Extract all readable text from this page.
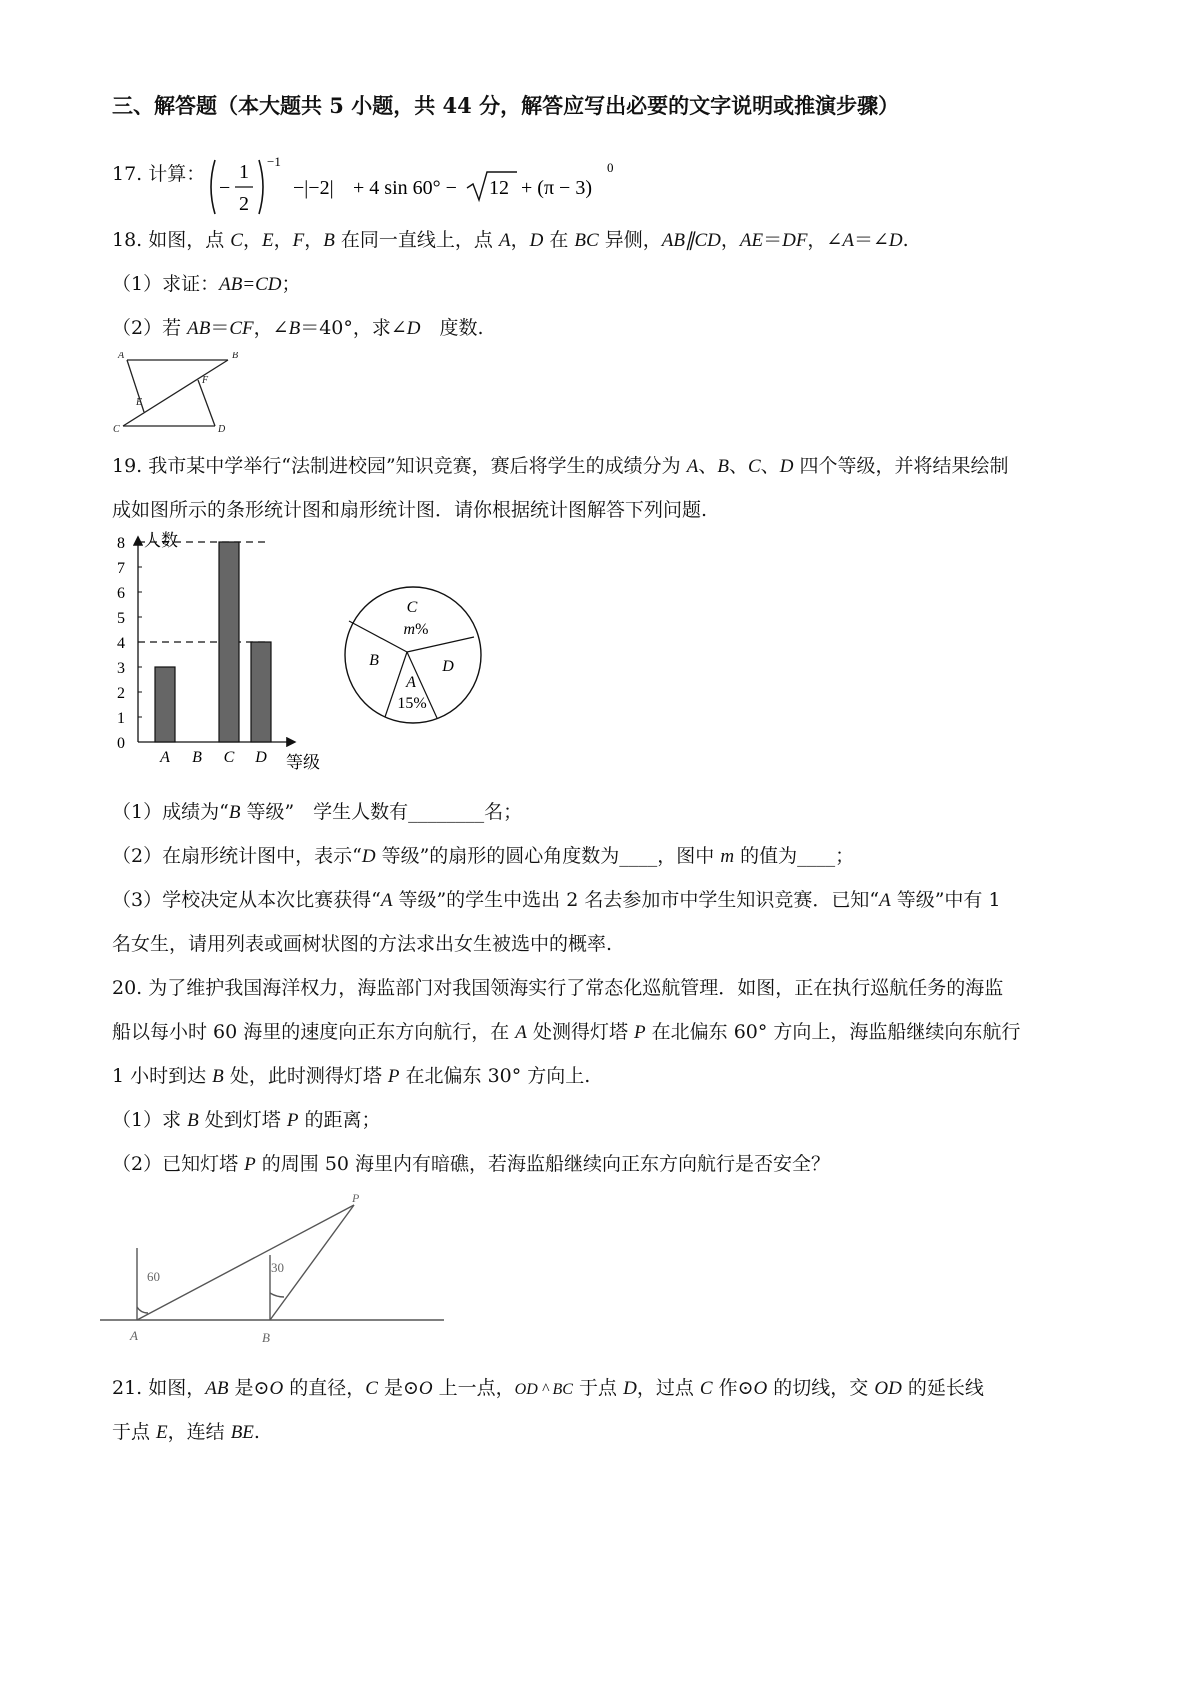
三、解答题（本大题共 5 小题，共 44 分，解答应写出必要的文字说明或推演步骤）
17. 计算：
−
1
2
−1
−|−2| + 4 sin 60° − 12 + (π − 3)
0
18. 如图，点 C，E，F，B 在同一直线上，点 A，D 在 BC 异侧，AB∥CD，AE＝DF，∠A＝∠D.
（1）求证：AB=CD；
（2）若 AB＝CF，∠B＝40°，求∠D　度数.
A	B
F
E
C	D
19. 我市某中学举行“法制进校园”知识竞赛，赛后将学生的成绩分为 A、B、C、D 四个等级，并将结果绘制
成如图所示的条形统计图和扇形统计图．请你根据统计图解答下列问题.
人数
等级
0
1
2
3
4
5
6
7
8
A B C D
C
m%
B	D
A
15%
（1）成绩为“B 等级”　学生人数有________名；
（2）在扇形统计图中，表示“D 等级”的扇形的圆心角度数为____，图中 m 的值为____；
（3）学校决定从本次比赛获得“A 等级”的学生中选出 2 名去参加市中学生知识竞赛．已知“A 等级”中有 1
名女生，请用列表或画树状图的方法求出女生被选中的概率.
20. 为了维护我国海洋权力，海监部门对我国领海实行了常态化巡航管理．如图，正在执行巡航任务的海监
船以每小时 60 海里的速度向正东方向航行，在 A 处测得灯塔 P 在北偏东 60° 方向上，海监船继续向东航行
1 小时到达 B 处，此时测得灯塔 P 在北偏东 30° 方向上.
（1）求 B 处到灯塔 P 的距离；
（2）已知灯塔 P 的周围 50 海里内有暗礁，若海监船继续向正东方向航行是否安全？
P
60
30
A	B
21. 如图，AB 是⊙O 的直径，C 是⊙O 上一点，OD ^ BC 于点 D，过点 C 作⊙O 的切线，交 OD 的延长线
于点 E，连结 BE.
